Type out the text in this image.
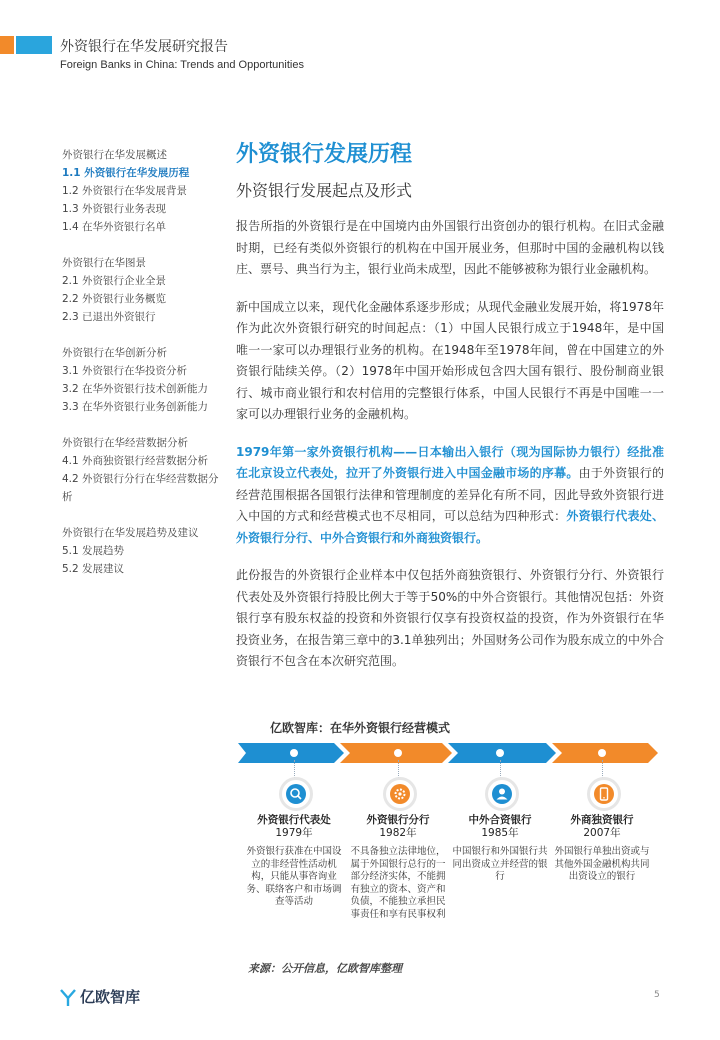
外资银行在华发展研究报告
Foreign Banks in China: Trends and Opportunities
外资银行在华发展概述
1.1 外资银行在华发展历程
1.2 外资银行在华发展背景
1.3 外资银行业务表现
1.4 在华外资银行名单
外资银行在华图景
2.1 外资银行企业全景
2.2 外资银行业务概览
2.3 已退出外资银行
外资银行在华创新分析
3.1 外资银行在华投资分析
3.2 在华外资银行技术创新能力
3.3 在华外资银行业务创新能力
外资银行在华经营数据分析
4.1 外商独资银行经营数据分析
4.2 外资银行分行在华经营数据分析
外资银行在华发展趋势及建议
5.1 发展趋势
5.2 发展建议
外资银行发展历程
外资银行发展起点及形式

报告所指的外资银行是在中国境内由外国银行出资创办的银行机构。在旧式金融时期，已经有类似外资银行的机构在中国开展业务，但那时中国的金融机构以钱庄、票号、典当行为主，银行业尚未成型，因此不能够被称为银行业金融机构。

新中国成立以来，现代化金融体系逐步形成；从现代金融业发展开始，将1978年作为此次外资银行研究的时间起点：（1）中国人民银行成立于1948年，是中国唯一一家可以办理银行业务的机构。在1948年至1978年间，曾在中国建立的外资银行陆续关停。（2）1978年中国开始形成包含四大国有银行、股份制商业银行、城市商业银行和农村信用的完整银行体系，中国人民银行不再是中国唯一一家可以办理银行业务的金融机构。

1979年第一家外资银行机构——日本输出入银行（现为国际协力银行）经批准在北京设立代表处，拉开了外资银行进入中国金融市场的序幕。由于外资银行的经营范围根据各国银行法律和管理制度的差异化有所不同，因此导致外资银行进入中国的方式和经营模式也不尽相同，可以总结为四种形式：外资银行代表处、外资银行分行、中外合资银行和外商独资银行。

此份报告的外资银行企业样本中仅包括外商独资银行、外资银行分行、外资银行代表处及外资银行持股比例大于等于50%的中外合资银行。其他情况包括：外资银行享有股东权益的投资和外资银行仅享有投资权益的投资，作为外资银行在华投资业务，在报告第三章中的3.1单独列出；外国财务公司作为股东成立的中外合资银行不包含在本次研究范围。

亿欧智库：在华外资银行经营模式
外资银行代表处
1979年
外资银行获准在中国设立的非经营性活动机构，只能从事咨询业务、联络客户和市场调查等活动
外资银行分行
1982年
不具备独立法律地位，属于外国银行总行的一部分经济实体，不能拥有独立的资本、资产和负债，不能独立承担民事责任和享有民事权利
中外合资银行
1985年
中国银行和外国银行共同出资成立并经营的银行
外商独资银行
2007年
外国银行单独出资或与其他外国金融机构共同出资设立的银行
来源：公开信息，亿欧智库整理
亿欧智库	5
